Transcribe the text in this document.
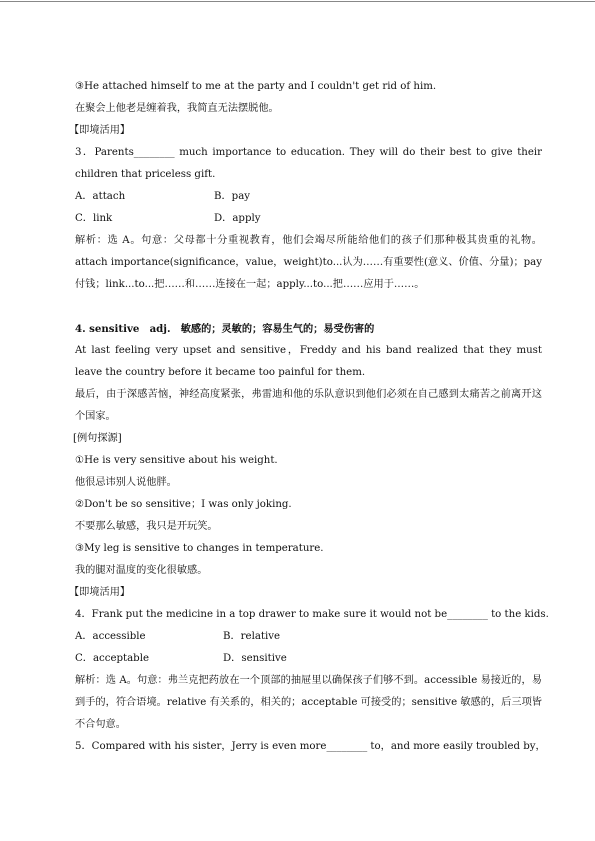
③He attached himself to me at the party and I couldn't get rid of him.

在聚会上他老是缠着我，我简直无法摆脱他。

【即境活用】

3．Parents________ much importance to education. They will do their best to give their children that priceless gift.

A．attach	B．pay
C．link	D．apply

解析：选 A。句意：父母都十分重视教育，他们会竭尽所能给他们的孩子们那种极其贵重的礼物。attach importance(significance，value，weight)to...认为……有重要性(意义、价值、分量)；pay 付钱；link...to...把……和……连接在一起；apply...to...把……应用于……。

4. sensitive　adj.　敏感的；灵敏的；容易生气的；易受伤害的

At last feeling very upset and sensitive，Freddy and his band realized that they must leave the country before it became too painful for them.

最后，由于深感苦恼，神经高度紧张，弗雷迪和他的乐队意识到他们必须在自己感到太痛苦之前离开这个国家。

[例句探源]

①He is very sensitive about his weight.

他很忌讳别人说他胖。

②Don't be so sensitive；I was only joking.

不要那么敏感，我只是开玩笑。

③My leg is sensitive to changes in temperature.

我的腿对温度的变化很敏感。

【即境活用】

4．Frank put the medicine in a top drawer to make sure it would not be________ to the kids.

A．accessible	B．relative
C．acceptable	D．sensitive

解析：选 A。句意：弗兰克把药放在一个顶部的抽屉里以确保孩子们够不到。accessible 易接近的，易到手的，符合语境。relative 有关系的，相关的；acceptable 可接受的；sensitive 敏感的，后三项皆不合句意。

5．Compared with his sister，Jerry is even more________ to，and more easily troubled by，
